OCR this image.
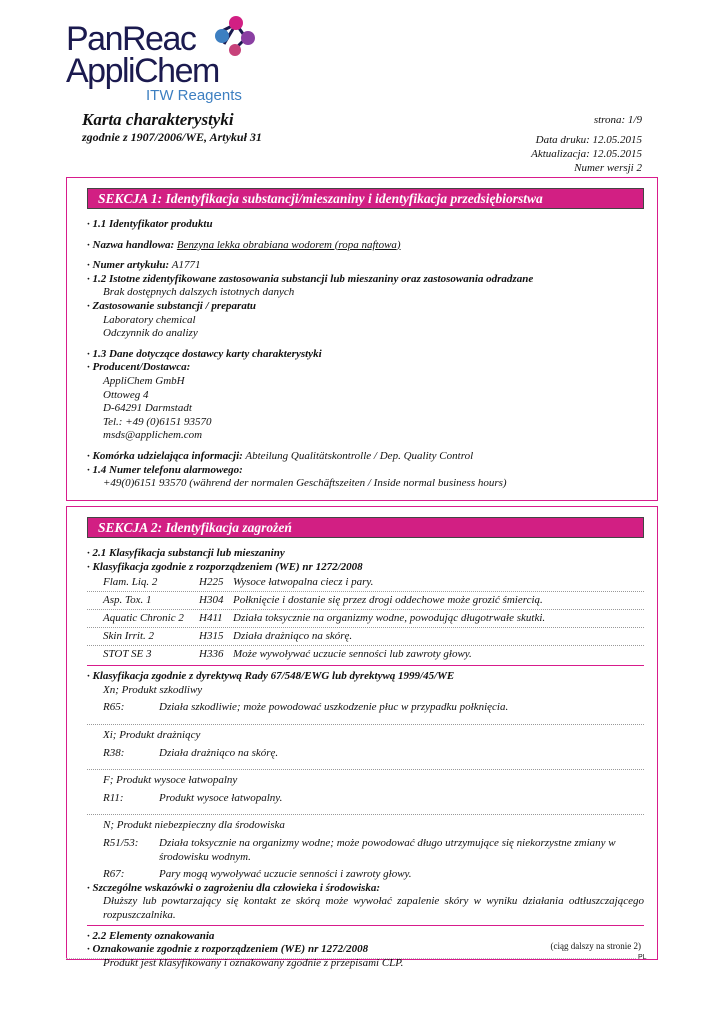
PanReac
AppliChem
ITW Reagents
Karta charakterystyki
zgodnie z 1907/2006/WE, Artykuł 31
strona: 1/9
Data druku: 12.05.2015
Aktualizacja: 12.05.2015
Numer wersji 2
SEKCJA 1: Identyfikacja substancji/mieszaniny i identyfikacja przedsiębiorstwa
· 1.1 Identyfikator produktu
· Nazwa handlowa: Benzyna lekka obrabiana wodorem (ropa naftowa)
· Numer artykułu: A1771
· 1.2 Istotne zidentyfikowane zastosowania substancji lub mieszaniny oraz zastosowania odradzane
Brak dostępnych dalszych istotnych danych
· Zastosowanie substancji / preparatu
Laboratory chemical
Odczynnik do analizy
· 1.3 Dane dotyczące dostawcy karty charakterystyki
· Producent/Dostawca:
AppliChem GmbH
Ottoweg 4
D-64291 Darmstadt
Tel.: +49 (0)6151 93570
msds@applichem.com
· Komórka udzielająca informacji: Abteilung Qualitätskontrolle / Dep. Quality Control
· 1.4 Numer telefonu alarmowego:
+49(0)6151 93570 (während der normalen Geschäftszeiten / Inside normal business hours)
SEKCJA 2: Identyfikacja zagrożeń
· 2.1 Klasyfikacja substancji lub mieszaniny
· Klasyfikacja zgodnie z rozporządzeniem (WE) nr 1272/2008
Flam. Liq. 2	H225 Wysoce łatwopalna ciecz i pary.
Asp. Tox. 1	H304 Połknięcie i dostanie się przez drogi oddechowe może grozić śmiercią.
Aquatic Chronic 2	H411 Działa toksycznie na organizmy wodne, powodując długotrwałe skutki.
Skin Irrit. 2	H315 Działa drażniąco na skórę.
STOT SE 3	H336 Może wywoływać uczucie senności lub zawroty głowy.
· Klasyfikacja zgodnie z dyrektywą Rady 67/548/EWG lub dyrektywą 1999/45/WE
Xn; Produkt szkodliwy
R65:	Działa szkodliwie; może powodować uszkodzenie płuc w przypadku połknięcia.
Xi; Produkt drażniący
R38:	Działa drażniąco na skórę.
F; Produkt wysoce łatwopalny
R11:	Produkt wysoce łatwopalny.
N; Produkt niebezpieczny dla środowiska
R51/53:	Działa toksycznie na organizmy wodne; może powodować długo utrzymujące się niekorzystne zmiany w środowisku wodnym.
R67:	Pary mogą wywoływać uczucie senności i zawroty głowy.
· Szczególne wskazówki o zagrożeniu dla człowieka i środowiska:
Dłuższy lub powtarzający się kontakt ze skórą może wywołać zapalenie skóry w wyniku działania odtłuszczającego rozpuszczalnika.
· 2.2 Elementy oznakowania
· Oznakowanie zgodnie z rozporządzeniem (WE) nr 1272/2008
Produkt jest klasyfikowany i oznakowany zgodnie z przepisami CLP.
(ciąg dalszy na stronie 2)
PL
